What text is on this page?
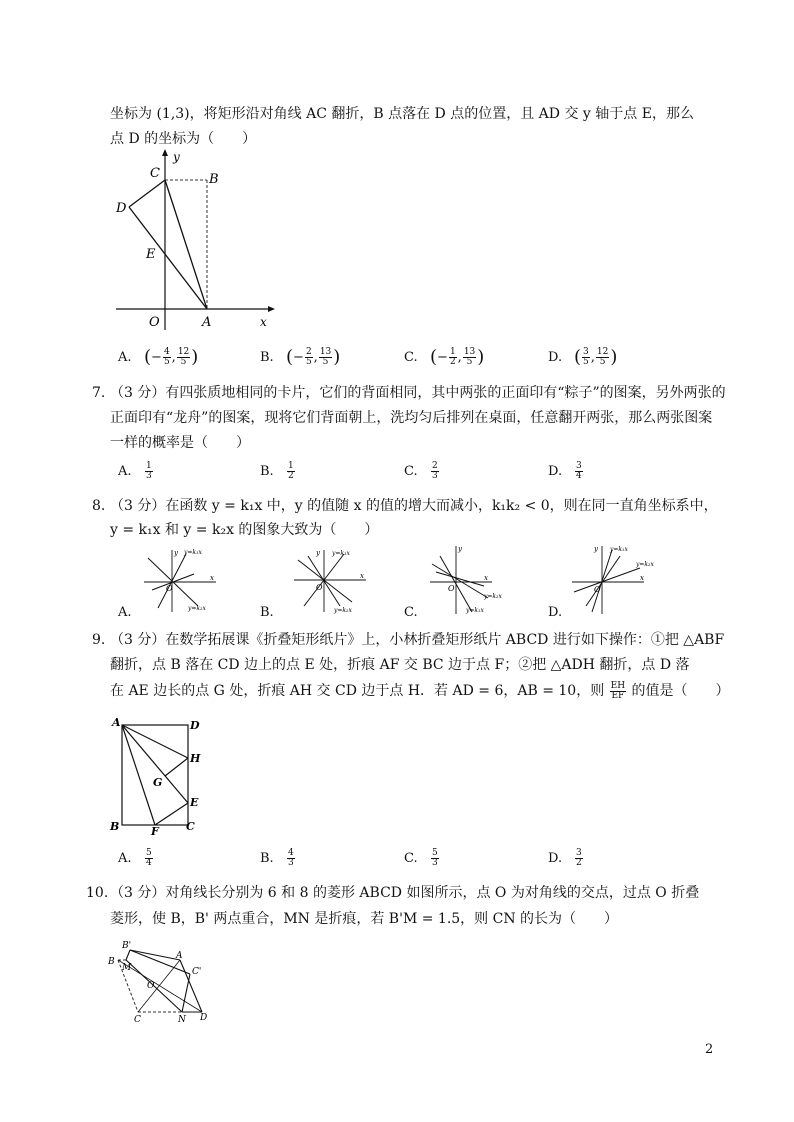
坐标为 (1,3)，将矩形沿对角线 AC 翻折，B 点落在 D 点的位置，且 AD 交 y 轴于点 E，那么
点 D 的坐标为（　　）
y
C	B
D
E
O	A	x
A. (− $\frac{4}{5}$ , $\frac{12}{5}$ )	B. (− $\frac{2}{5}$ , $\frac{13}{5}$ )	C. (− $\frac{1}{2}$ , $\frac{13}{5}$ )	D. ( $\frac{3}{5}$ , $\frac{12}{5}$ )
7. （3 分）有四张质地相同的卡片，它们的背面相同，其中两张的正面印有“粽子”的图案，另外两张的
正面印有“龙舟”的图案，现将它们背面朝上，洗均匀后排列在桌面，任意翻开两张，那么两张图案
一样的概率是（　　）
A. $\frac{1}{3}$	B. $\frac{1}{2}$	C. $\frac{2}{3}$	D. $\frac{3}{4}$
8. （3 分）在函数 y = k₁x 中，y 的值随 x 的值的增大而减小，k₁k₂ < 0，则在同一直角坐标系中，
y = k₁x 和 y = k₂x 的图象大致为（　　）
y y=k₁x
x
O
y=k₂x
y y=k₁x
x
O
y=k₂x
y
x
O
y=k₂x
y=k₁x
y y=k₁x
y=k₂x
x
O
A.	B.	C.	D.
9. （3 分）在数学拓展课《折叠矩形纸片》上，小林折叠矩形纸片 ABCD 进行如下操作：①把 △ABF
翻折，点 B 落在 CD 边上的点 E 处，折痕 AF 交 BC 边于点 F；②把 △ADH 翻折，点 D 落
在 AE 边长的点 G 处，折痕 AH 交 CD 边于点 H．若 AD = 6，AB = 10，则 $\frac{EH}{EF}$ 的值是（　　）
A	D
H
G
E
B	F C
A. $\frac{5}{4}$	B. $\frac{4}{3}$	C. $\frac{5}{3}$	D. $\frac{3}{2}$
10. （3 分）对角线长分别为 6 和 8 的菱形 ABCD 如图所示，点 O 为对角线的交点，过点 O 折叠
菱形，使 B，B' 两点重合，MN 是折痕，若 B'M = 1.5，则 CN 的长为（　　）
B'
B
M
A
C'
O
C	N D
2
